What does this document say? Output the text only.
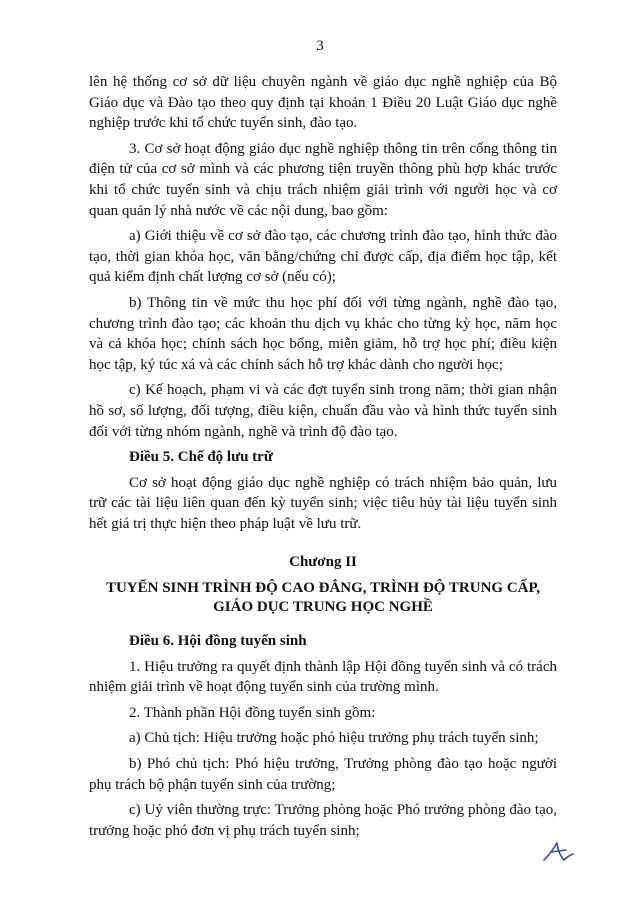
3

lên hệ thống cơ sở dữ liệu chuyên ngành về giáo dục nghề nghiệp của Bộ Giáo dục và Đào tạo theo quy định tại khoản 1 Điều 20 Luật Giáo dục nghề nghiệp trước khi tổ chức tuyển sinh, đào tạo.

3. Cơ sở hoạt động giáo dục nghề nghiệp thông tin trên cổng thông tin điện tử của cơ sở mình và các phương tiện truyền thông phù hợp khác trước khi tổ chức tuyển sinh và chịu trách nhiệm giải trình với người học và cơ quan quản lý nhà nước về các nội dung, bao gồm:

a) Giới thiệu về cơ sở đào tạo, các chương trình đào tạo, hình thức đào tạo, thời gian khóa học, văn bằng/chứng chỉ được cấp, địa điểm học tập, kết quả kiểm định chất lượng cơ sở (nếu có);

b) Thông tin về mức thu học phí đối với từng ngành, nghề đào tạo, chương trình đào tạo; các khoản thu dịch vụ khác cho từng kỳ học, năm học và cả khóa học; chính sách học bổng, miễn giảm, hỗ trợ học phí; điều kiện học tập, ký túc xá và các chính sách hỗ trợ khác dành cho người học;

c) Kế hoạch, phạm vi và các đợt tuyển sinh trong năm; thời gian nhận hồ sơ, số lượng, đối tượng, điều kiện, chuẩn đầu vào và hình thức tuyển sinh đối với từng nhóm ngành, nghề và trình độ đào tạo.

Điều 5. Chế độ lưu trữ

Cơ sở hoạt động giáo dục nghề nghiệp có trách nhiệm bảo quản, lưu trữ các tài liệu liên quan đến kỳ tuyển sinh; việc tiêu hủy tài liệu tuyển sinh hết giá trị thực hiện theo pháp luật về lưu trữ.

Chương II
TUYỂN SINH TRÌNH ĐỘ CAO ĐẲNG, TRÌNH ĐỘ TRUNG CẤP,
GIÁO DỤC TRUNG HỌC NGHỀ

Điều 6. Hội đồng tuyển sinh

1. Hiệu trưởng ra quyết định thành lập Hội đồng tuyển sinh và có trách nhiệm giải trình về hoạt động tuyển sinh của trường mình.

2. Thành phần Hội đồng tuyển sinh gồm:

a) Chủ tịch: Hiệu trưởng hoặc phó hiệu trưởng phụ trách tuyển sinh;

b) Phó chủ tịch: Phó hiệu trưởng, Trưởng phòng đào tạo hoặc người phụ trách bộ phận tuyển sinh của trường;

c) Uỷ viên thường trực: Trưởng phòng hoặc Phó trưởng phòng đào tạo, trưởng hoặc phó đơn vị phụ trách tuyển sinh;
